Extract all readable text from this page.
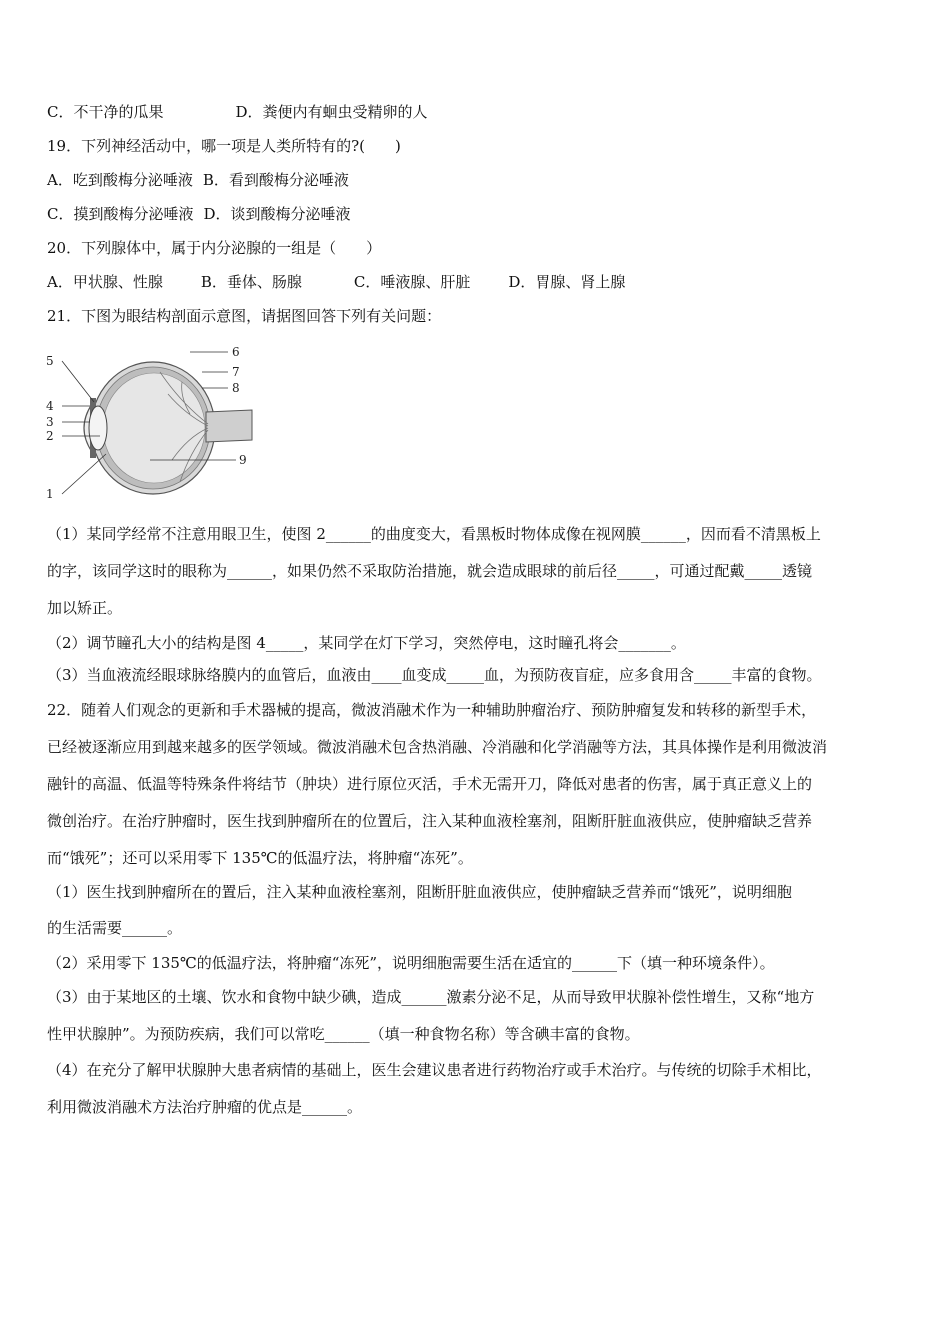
C．不干净的瓜果	D．粪便内有蛔虫受精卵的人
19．下列神经活动中，哪一项是人类所特有的?(　　)
A．吃到酸梅分泌唾液 B．看到酸梅分泌唾液
C．摸到酸梅分泌唾液 D．谈到酸梅分泌唾液
20．下列腺体中，属于内分泌腺的一组是（　　）
A．甲状腺、性腺	B．垂体、肠腺	C．唾液腺、肝脏	D．胃腺、肾上腺
21．下图为眼结构剖面示意图，请据图回答下列有关问题：
1
2
3
4
5
6
7
8
9
（1）某同学经常不注意用眼卫生，使图 2______的曲度变大，看黑板时物体成像在视网膜______，因而看不清黑板上
的字，该同学这时的眼称为______，如果仍然不采取防治措施，就会造成眼球的前后径_____，可通过配戴_____透镜
加以矫正。
（2）调节瞳孔大小的结构是图 4_____，某同学在灯下学习，突然停电，这时瞳孔将会_______。
（3）当血液流经眼球脉络膜内的血管后，血液由____血变成_____血，为预防夜盲症，应多食用含_____丰富的食物。
22．随着人们观念的更新和手术器械的提高，微波消融术作为一种辅助肿瘤治疗、预防肿瘤复发和转移的新型手术，
已经被逐渐应用到越来越多的医学领域。微波消融术包含热消融、冷消融和化学消融等方法，其具体操作是利用微波消
融针的高温、低温等特殊条件将结节（肿块）进行原位灭活，手术无需开刀，降低对患者的伤害，属于真正意义上的
微创治疗。在治疗肿瘤时，医生找到肿瘤所在的位置后，注入某种血液栓塞剂，阻断肝脏血液供应，使肿瘤缺乏营养
而“饿死”；还可以采用零下 135℃的低温疗法，将肿瘤“冻死”。
（1）医生找到肿瘤所在的置后，注入某种血液栓塞剂，阻断肝脏血液供应，使肿瘤缺乏营养而“饿死”，说明细胞
的生活需要______。
（2）采用零下 135℃的低温疗法，将肿瘤“冻死”，说明细胞需要生活在适宜的______下（填一种环境条件）。
（3）由于某地区的土壤、饮水和食物中缺少碘，造成______激素分泌不足，从而导致甲状腺补偿性增生，又称“地方
性甲状腺肿”。为预防疾病，我们可以常吃______（填一种食物名称）等含碘丰富的食物。
（4）在充分了解甲状腺肿大患者病情的基础上，医生会建议患者进行药物治疗或手术治疗。与传统的切除手术相比，
利用微波消融术方法治疗肿瘤的优点是______。
